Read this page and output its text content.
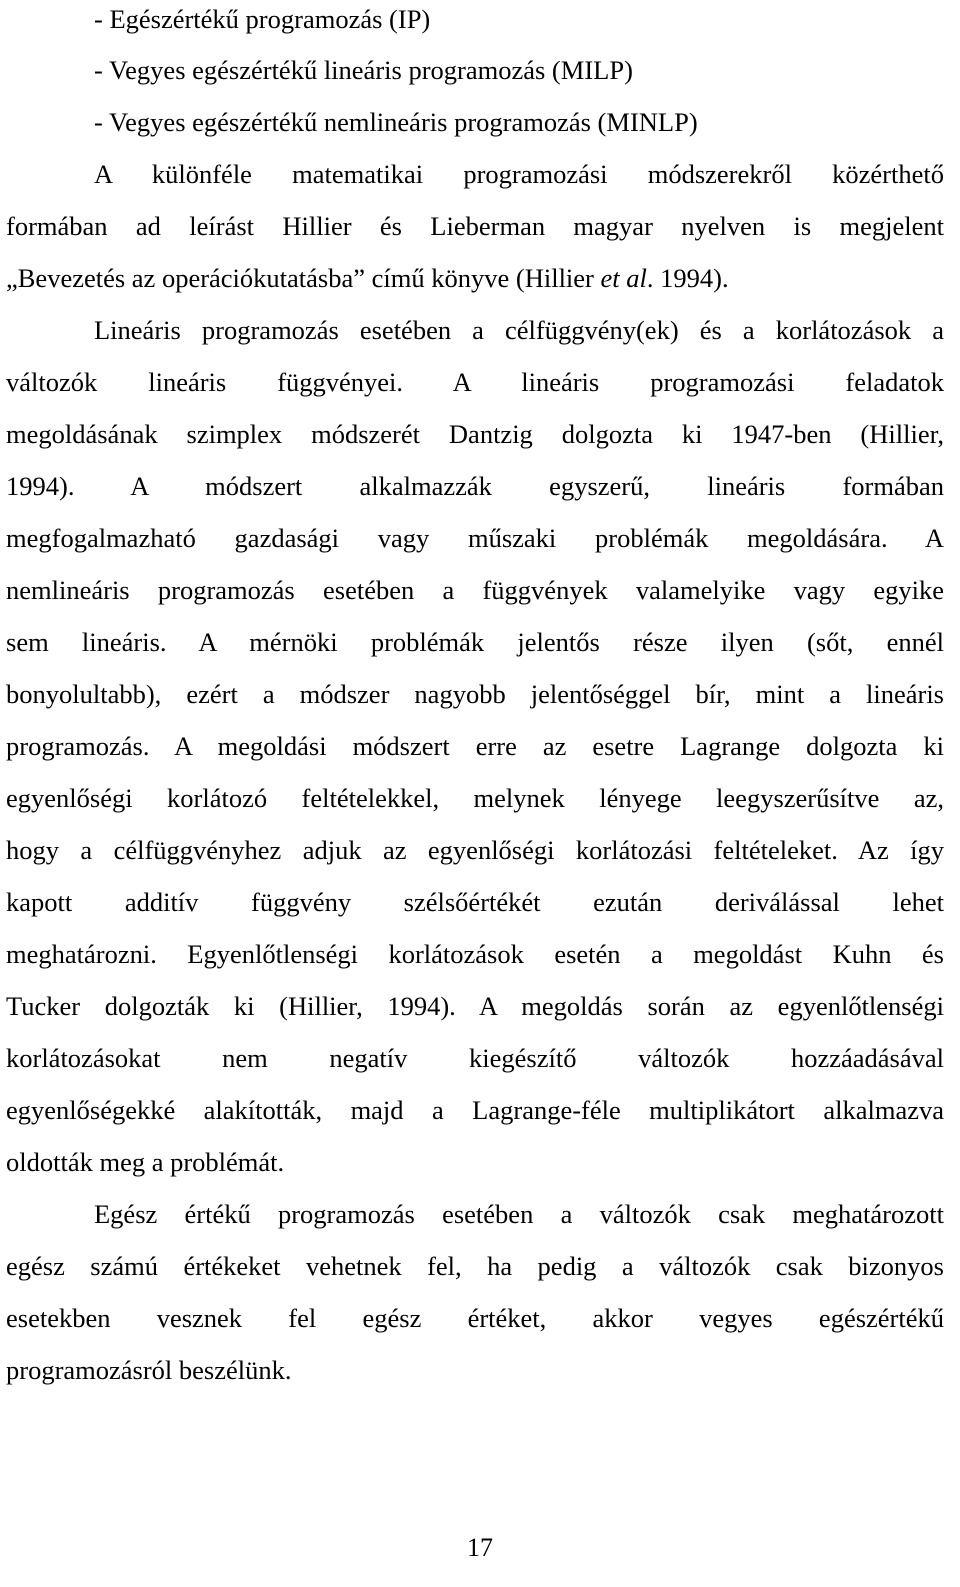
- Egészértékű programozás (IP)
- Vegyes egészértékű lineáris programozás (MILP)
- Vegyes egészértékű nemlineáris programozás (MINLP)
A különféle matematikai programozási módszerekről közérthető
formában ad leírást Hillier és Lieberman magyar nyelven is megjelent
„Bevezetés az operációkutatásba” című könyve (Hillier et al. 1994).
Lineáris programozás esetében a célfüggvény(ek) és a korlátozások a
változók lineáris függvényei. A lineáris programozási feladatok
megoldásának szimplex módszerét Dantzig dolgozta ki 1947-ben (Hillier,
1994). A módszert alkalmazzák egyszerű, lineáris formában
megfogalmazható gazdasági vagy műszaki problémák megoldására. A
nemlineáris programozás esetében a függvények valamelyike vagy egyike
sem lineáris. A mérnöki problémák jelentős része ilyen (sőt, ennél
bonyolultabb), ezért a módszer nagyobb jelentőséggel bír, mint a lineáris
programozás. A megoldási módszert erre az esetre Lagrange dolgozta ki
egyenlőségi korlátozó feltételekkel, melynek lényege leegyszerűsítve az,
hogy a célfüggvényhez adjuk az egyenlőségi korlátozási feltételeket. Az így
kapott additív függvény szélsőértékét ezután deriválással lehet
meghatározni. Egyenlőtlenségi korlátozások esetén a megoldást Kuhn és
Tucker dolgozták ki (Hillier, 1994). A megoldás során az egyenlőtlenségi
korlátozásokat nem negatív kiegészítő változók hozzáadásával
egyenlőségekké alakították, majd a Lagrange-féle multiplikátort alkalmazva
oldották meg a problémát.
Egész értékű programozás esetében a változók csak meghatározott
egész számú értékeket vehetnek fel, ha pedig a változók csak bizonyos
esetekben vesznek fel egész értéket, akkor vegyes egészértékű
programozásról beszélünk.
17
